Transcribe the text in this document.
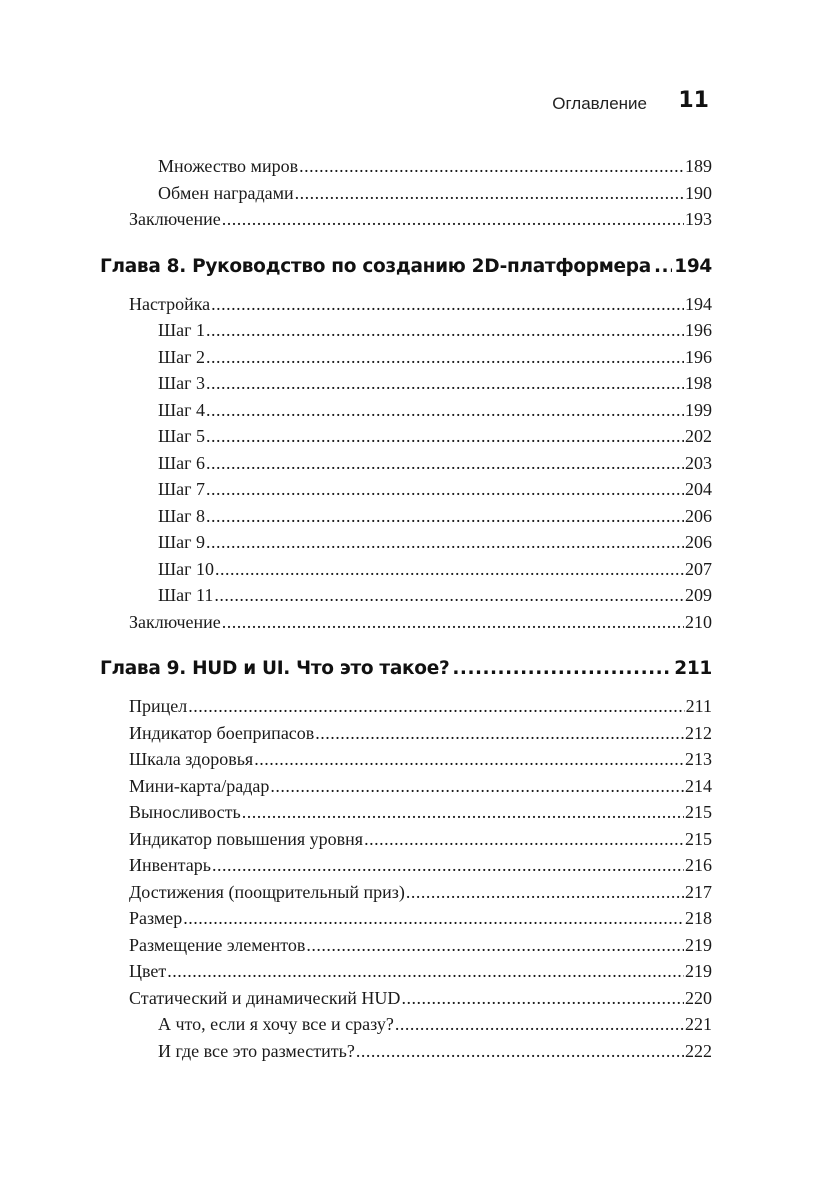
Оглавление 11
Множество миров .....	189
Обмен наградами .....	190
Заключение .....	193
Глава 8. Руководство по созданию 2D-платформера ..... 194
Настройка .....	194
Шаг 1 .....	196
Шаг 2 .....	196
Шаг 3 .....	198
Шаг 4 .....	199
Шаг 5 .....	202
Шаг 6 .....	203
Шаг 7 .....	204
Шаг 8 .....	206
Шаг 9 .....	206
Шаг 10 .....	207
Шаг 11 .....	209
Заключение .....	210
Глава 9. HUD и UI. Что это такое? .....	211
Прицел .....	211
Индикатор боеприпасов .....	212
Шкала здоровья .....	213
Мини-карта/радар .....	214
Выносливость .....	215
Индикатор повышения уровня .....	215
Инвентарь .....	216
Достижения (поощрительный приз) .....	217
Размер .....	218
Размещение элементов .....	219
Цвет .....	219
Статический и динамический HUD .....	220
А что, если я хочу все и сразу? .....	221
И где все это разместить? .....	222
